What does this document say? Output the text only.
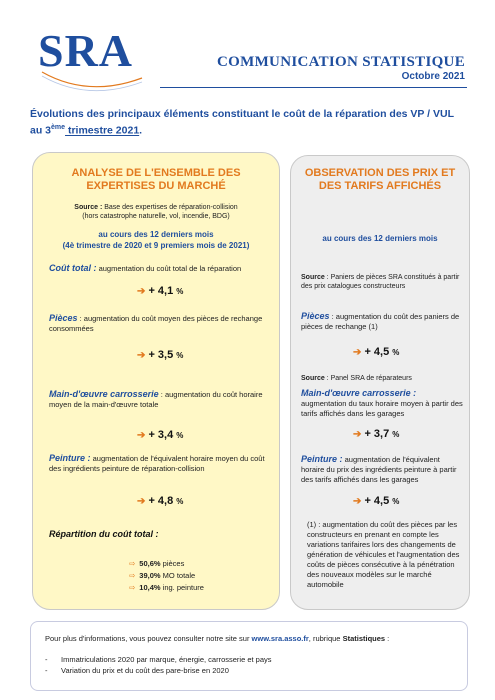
SRA	COMMUNICATION STATISTIQUE
Octobre 2021
Évolutions des principaux éléments constituant le coût de la réparation des VP / VUL
au 3ème trimestre 2021.
ANALYSE DE L'ENSEMBLE DES EXPERTISES DU MARCHÉ
Source : Base des expertises de réparation-collision
(hors catastrophe naturelle, vol, incendie, BDG)
au cours des 12 derniers mois
(4è trimestre de 2020 et 9 premiers mois de 2021)
Coût total : augmentation du coût total de la réparation
➔ + 4,1 %
Pièces : augmentation du coût moyen des pièces de rechange consommées
➔ + 3,5 %
Main-d'œuvre carrosserie : augmentation du coût horaire moyen de la main-d'œuvre totale
➔ + 3,4 %
Peinture : augmentation de l'équivalent horaire moyen du coût des ingrédients peinture de réparation-collision
➔ + 4,8 %
Répartition du coût total :
⇨ 50,6% pièces
⇨ 39,0% MO totale
⇨ 10,4% ing. peinture
OBSERVATION DES PRIX ET DES TARIFS AFFICHÉS
au cours des 12 derniers mois
Source : Paniers de pièces SRA constitués à partir des prix catalogues constructeurs
Pièces : augmentation du coût des paniers de pièces de rechange (1)
➔ + 4,5 %
Source : Panel SRA de réparateurs
Main-d'œuvre carrosserie : augmentation du taux horaire moyen à partir des tarifs affichés dans les garages
➔ + 3,7 %
Peinture : augmentation de l'équivalent horaire du prix des ingrédients peinture à partir des tarifs affichés dans les garages
➔ + 4,5 %
(1) : augmentation du coût des pièces par les constructeurs en prenant en compte les variations tarifaires lors des changements de génération de véhicules et l'augmentation des coûts de pièces consécutive à la pénétration des nouveaux modèles sur le marché automobile
Pour plus d'informations, vous pouvez consulter notre site sur www.sra.asso.fr, rubrique Statistiques :
- Immatriculations 2020 par marque, énergie, carrosserie et pays
- Variation du prix et du coût des pare-brise en 2020
